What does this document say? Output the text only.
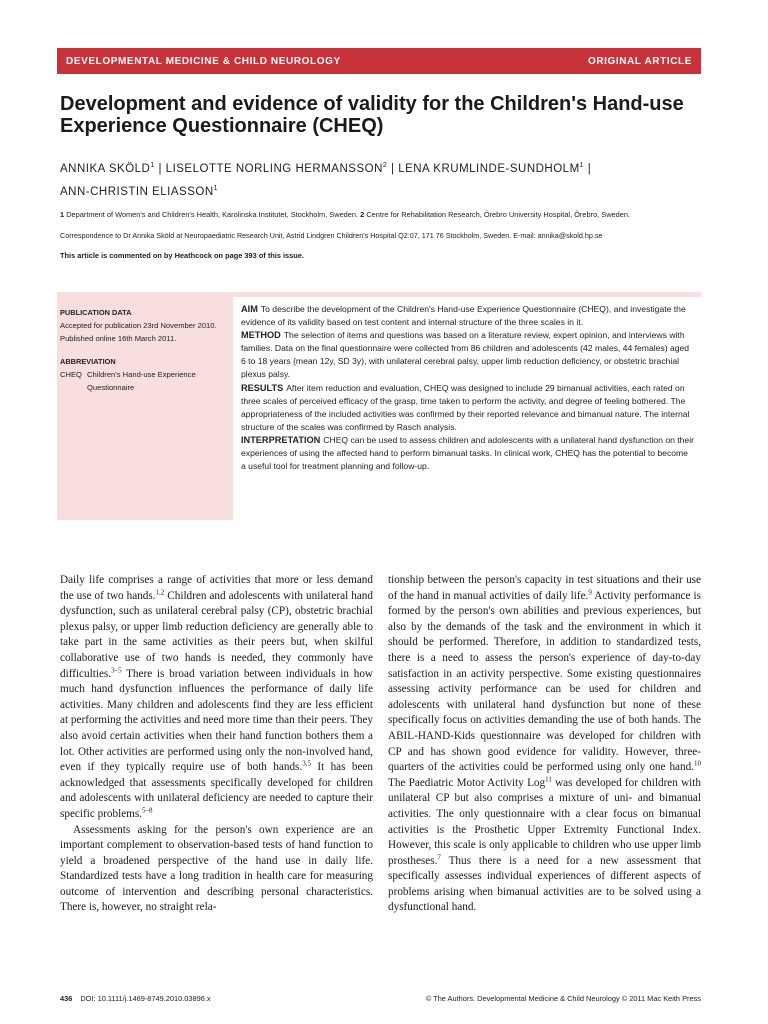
DEVELOPMENTAL MEDICINE & CHILD NEUROLOGY	ORIGINAL ARTICLE
Development and evidence of validity for the Children's Hand-use Experience Questionnaire (CHEQ)
ANNIKA SKÖLD$^1$ | LISELOTTE NORLING HERMANSSON$^2$ | LENA KRUMLINDE-SUNDHOLM$^1$ |
ANN-CHRISTIN ELIASSON$^1$
1 Department of Women's and Children's Health, Karolinska Institutet, Stockholm, Sweden. 2 Centre for Rehabilitation Research, Örebro University Hospital, Örebro, Sweden.
Correspondence to Dr Annika Sköld at Neuropaediatric Research Unit, Astrid Lindgren Children's Hospital Q2:07, 171 76 Stockholm, Sweden. E-mail: annika@skold.hp.se
This article is commented on by Heathcock on page 393 of this issue.
PUBLICATION DATA
Accepted for publication 23rd November 2010.
Published online 16th March 2011.
ABBREVIATION
CHEQ Children's Hand-use Experience Questionnaire

AIM To describe the development of the Children's Hand-use Experience Questionnaire (CHEQ), and investigate the evidence of its validity based on test content and internal structure of the three scales in it.

METHOD The selection of items and questions was based on a literature review, expert opinion, and interviews with families. Data on the final questionnaire were collected from 86 children and adolescents (42 males, 44 females) aged 6 to 18 years (mean 12y, SD 3y), with unilateral cerebral palsy, upper limb reduction deficiency, or obstetric brachial plexus palsy.

RESULTS After item reduction and evaluation, CHEQ was designed to include 29 bimanual activities, each rated on three scales of perceived efficacy of the grasp, time taken to perform the activity, and degree of feeling bothered. The appropriateness of the included activities was confirmed by their reported relevance and bimanual nature. The internal structure of the scales was confirmed by Rasch analysis.

INTERPRETATION CHEQ can be used to assess children and adolescents with a unilateral hand dysfunction on their experiences of using the affected hand to perform bimanual tasks. In clinical work, CHEQ has the potential to become a useful tool for treatment planning and follow-up.

Daily life comprises a range of activities that more or less demand the use of two hands.$^{1,2}$ Children and adolescents with unilateral hand dysfunction, such as unilateral cerebral palsy (CP), obstetric brachial plexus palsy, or upper limb reduction deficiency are generally able to take part in the same activities as their peers but, when skilful collaborative use of two hands is needed, they commonly have difficulties.$^{3-5}$ There is broad variation between individuals in how much hand dysfunction influences the performance of daily life activities. Many children and adolescents find they are less efficient at performing the activities and need more time than their peers. They also avoid certain activities when their hand function bothers them a lot. Other activities are performed using only the non-involved hand, even if they typically require use of both hands.$^{3,5}$ It has been acknowledged that assessments specifically developed for children and adolescents with unilateral deficiency are needed to capture their specific problems.$^{5-8}$

Assessments asking for the person's own experience are an important complement to observation-based tests of hand function to yield a broadened perspective of the hand use in daily life. Standardized tests have a long tradition in health care for measuring outcome of intervention and describing personal characteristics. There is, however, no straight rela-

tionship between the person's capacity in test situations and their use of the hand in manual activities of daily life.$^9$ Activity performance is formed by the person's own abilities and previous experiences, but also by the demands of the task and the environment in which it should be performed. Therefore, in addition to standardized tests, there is a need to assess the person's experience of day-to-day satisfaction in an activity perspective. Some existing questionnaires assessing activity performance can be used for children and adolescents with unilateral hand dysfunction but none of these specifically focus on activities demanding the use of both hands. The ABIL-HAND-Kids questionnaire was developed for children with CP and has shown good evidence for validity. However, three-quarters of the activities could be performed using only one hand.$^{10}$ The Paediatric Motor Activity Log$^{11}$ was developed for children with unilateral CP but also comprises a mixture of uni- and bimanual activities. The only questionnaire with a clear focus on bimanual activities is the Prosthetic Upper Extremity Functional Index. However, this scale is only applicable to children who use upper limb prostheses.$^7$ Thus there is a need for a new assessment that specifically assesses individual experiences of different aspects of problems arising when bimanual activities are to be solved using a dysfunctional hand.

436 DOI: 10.1111/j.1469-8749.2010.03896.x	© The Authors. Developmental Medicine & Child Neurology © 2011 Mac Keith Press
